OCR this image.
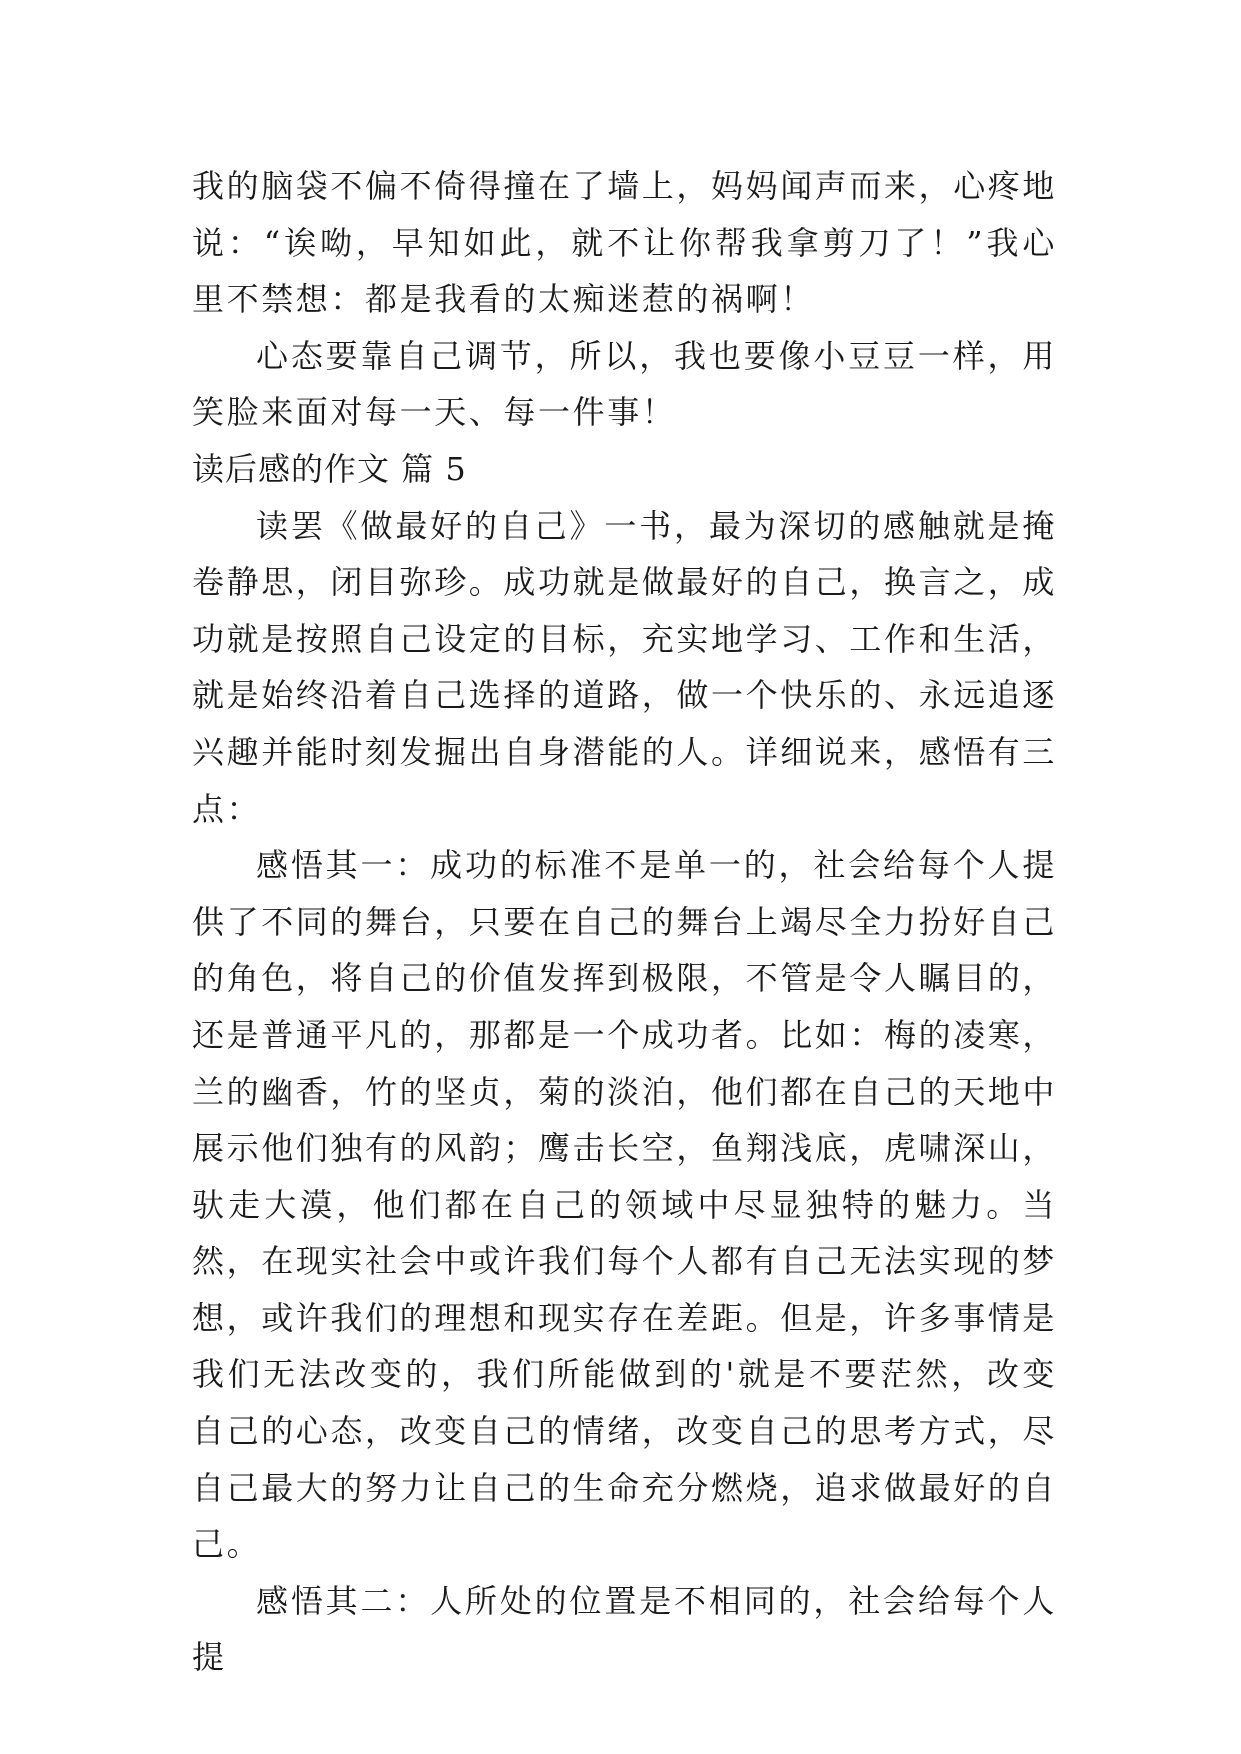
我的脑袋不偏不倚得撞在了墙上，妈妈闻声而来，心疼地说：“诶呦，早知如此，就不让你帮我拿剪刀了！”我心里不禁想：都是我看的太痴迷惹的祸啊！

心态要靠自己调节，所以，我也要像小豆豆一样，用笑脸来面对每一天、每一件事！

读后感的作文 篇 5

读罢《做最好的自己》一书，最为深切的感触就是掩卷静思，闭目弥珍。成功就是做最好的自己，换言之，成功就是按照自己设定的目标，充实地学习、工作和生活，就是始终沿着自己选择的道路，做一个快乐的、永远追逐兴趣并能时刻发掘出自身潜能的人。详细说来，感悟有三点：

感悟其一：成功的标准不是单一的，社会给每个人提供了不同的舞台，只要在自己的舞台上竭尽全力扮好自己的角色，将自己的价值发挥到极限，不管是令人瞩目的，还是普通平凡的，那都是一个成功者。比如：梅的凌寒，兰的幽香，竹的坚贞，菊的淡泊，他们都在自己的天地中展示他们独有的风韵；鹰击长空，鱼翔浅底，虎啸深山，驮走大漠，他们都在自己的领域中尽显独特的魅力。当然，在现实社会中或许我们每个人都有自己无法实现的梦想，或许我们的理想和现实存在差距。但是，许多事情是我们无法改变的，我们所能做到的'就是不要茫然，改变自己的心态，改变自己的情绪，改变自己的思考方式，尽自己最大的努力让自己的生命充分燃烧，追求做最好的自己。

感悟其二：人所处的位置是不相同的，社会给每个人提
